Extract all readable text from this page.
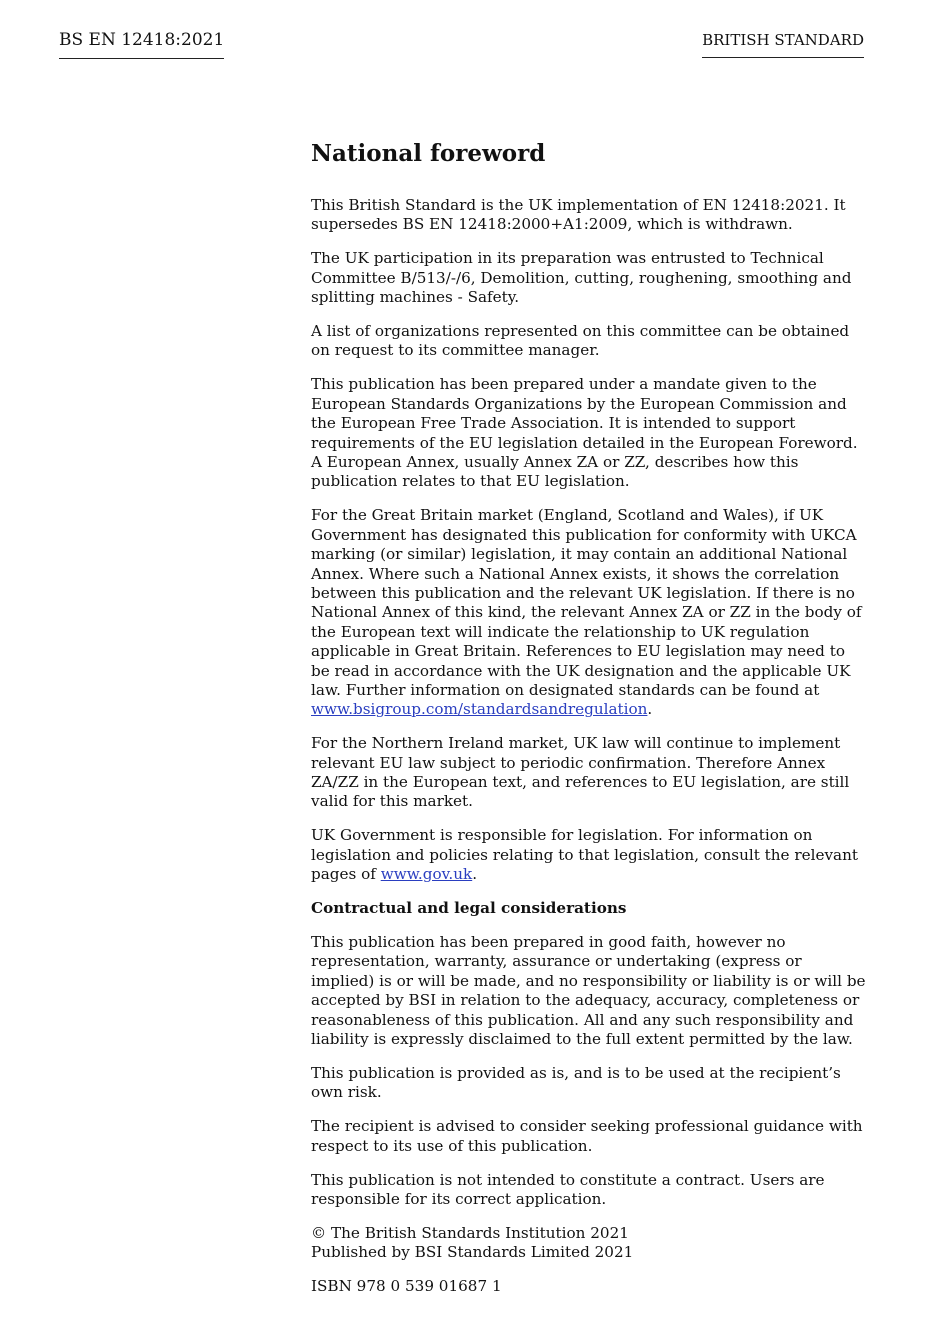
BS EN 12418:2021	BRITISH STANDARD
National foreword

This British Standard is the UK implementation of EN 12418:2021. It supersedes BS EN 12418:2000+A1:2009, which is withdrawn.

The UK participation in its preparation was entrusted to Technical Committee B/513/-/6, Demolition, cutting, roughening, smoothing and splitting machines - Safety.

A list of organizations represented on this committee can be obtained on request to its committee manager.

This publication has been prepared under a mandate given to the European Standards Organizations by the European Commission and the European Free Trade Association. It is intended to support requirements of the EU legislation detailed in the European Foreword. A European Annex, usually Annex ZA or ZZ, describes how this publication relates to that EU legislation.

For the Great Britain market (England, Scotland and Wales), if UK Government has designated this publication for conformity with UKCA marking (or similar) legislation, it may contain an additional National Annex. Where such a National Annex exists, it shows the correlation between this publication and the relevant UK legislation. If there is no National Annex of this kind, the relevant Annex ZA or ZZ in the body of the European text will indicate the relationship to UK regulation applicable in Great Britain. References to EU legislation may need to be read in accordance with the UK designation and the applicable UK law. Further information on designated standards can be found at www.bsigroup.com/standardsandregulation.

For the Northern Ireland market, UK law will continue to implement relevant EU law subject to periodic confirmation. Therefore Annex ZA/ZZ in the European text, and references to EU legislation, are still valid for this market.

UK Government is responsible for legislation. For information on legislation and policies relating to that legislation, consult the relevant pages of www.gov.uk.

Contractual and legal considerations

This publication has been prepared in good faith, however no representation, warranty, assurance or undertaking (express or implied) is or will be made, and no responsibility or liability is or will be accepted by BSI in relation to the adequacy, accuracy, completeness or reasonableness of this publication. All and any such responsibility and liability is expressly disclaimed to the full extent permitted by the law.

This publication is provided as is, and is to be used at the recipient’s own risk.

The recipient is advised to consider seeking professional guidance with respect to its use of this publication.

This publication is not intended to constitute a contract. Users are responsible for its correct application.

© The British Standards Institution 2021
Published by BSI Standards Limited 2021

ISBN 978 0 539 01687 1
